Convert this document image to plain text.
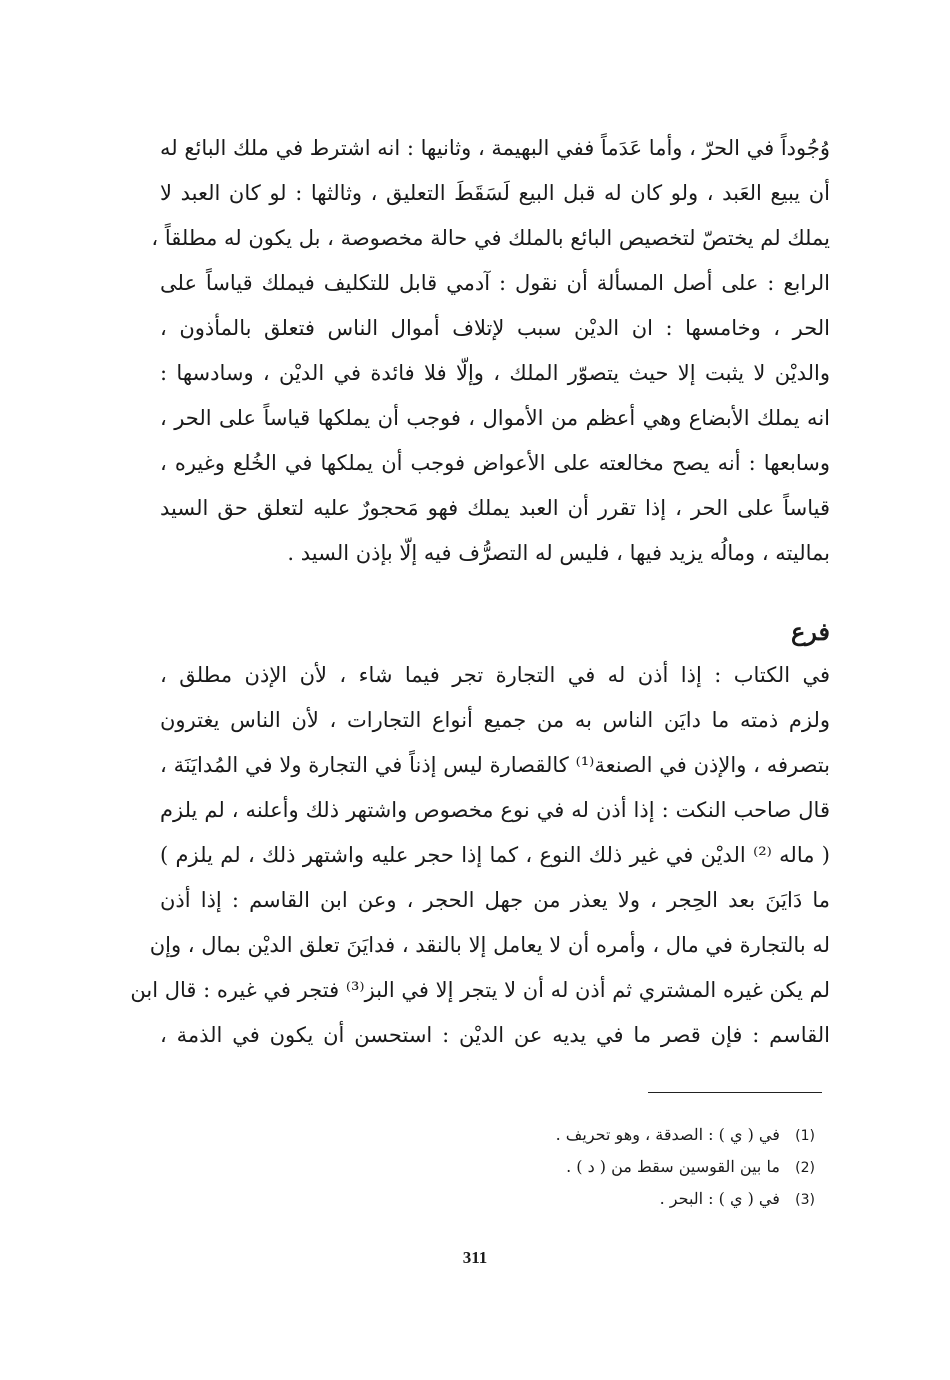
وُجُوداً في الحرّ ، وأما عَدَماً ففي البهيمة ، وثانيها : انه اشترط في ملك البائع له
أن يبيع العَبد ، ولو كان له قبل البيع لَسَقَطَ التعليق ، وثالثها : لو كان العبد لا
يملك لم يختصّ لتخصيص البائع بالملك في حالة مخصوصة ، بل يكون له مطلقاً ،
الرابع : على أصل المسألة أن نقول : آدمي قابل للتكليف فيملك قياساً على
الحر ، وخامسها : ان الديْن سبب لإتلاف أموال الناس فتعلق بالمأذون ،
والديْن لا يثبت إلا حيث يتصوّر الملك ، وإلّا فلا فائدة في الديْن ، وسادسها :
انه يملك الأبضاع وهي أعظم من الأموال ، فوجب أن يملكها قياساً على الحر ،
وسابعها : أنه يصح مخالعته على الأعواض فوجب أن يملكها في الخُلع وغيره ،
قياساً على الحر ، إذا تقرر أن العبد يملك فهو مَحجورٌ عليه لتعلق حق السيد
بماليته ، ومالُه يزيد فيها ، فليس له التصرُّف فيه إلّا بإذن السيد .
فرع
في الكتاب : إذا أذن له في التجارة تجر فيما شاء ، لأن الإذن مطلق ،
ولزم ذمته ما دايَن الناس به من جميع أنواع التجارات ، لأن الناس يغترون
بتصرفه ، والإذن في الصنعة⁽¹⁾ كالقصارة ليس إذناً في التجارة ولا في المُدايَنَة ،
قال صاحب النكت : إذا أذن له في نوع مخصوص واشتهر ذلك وأعلنه ، لم يلزم
( ماله ⁽²⁾ الديْن في غير ذلك النوع ، كما إذا حجر عليه واشتهر ذلك ، لم يلزم )
ما دَايَنَ بعد الحِجر ، ولا يعذر من جهل الحجر ، وعن ابن القاسم : إذا أذن
له بالتجارة في مال ، وأمره أن لا يعامل إلا بالنقد ، فدايَنَ تعلق الديْن بمال ، وإن
لم يكن غيره المشتري ثم أذن له أن لا يتجر إلا في البز⁽³⁾ فتجر في غيره : قال ابن
القاسم : فإن قصر ما في يديه عن الديْن : استحسن أن يكون في الذمة ،
(1) في ( ي ) : الصدقة ، وهو تحريف .
(2) ما بين القوسين سقط من ( د ) .
(3) في ( ي ) : البحر .
311
